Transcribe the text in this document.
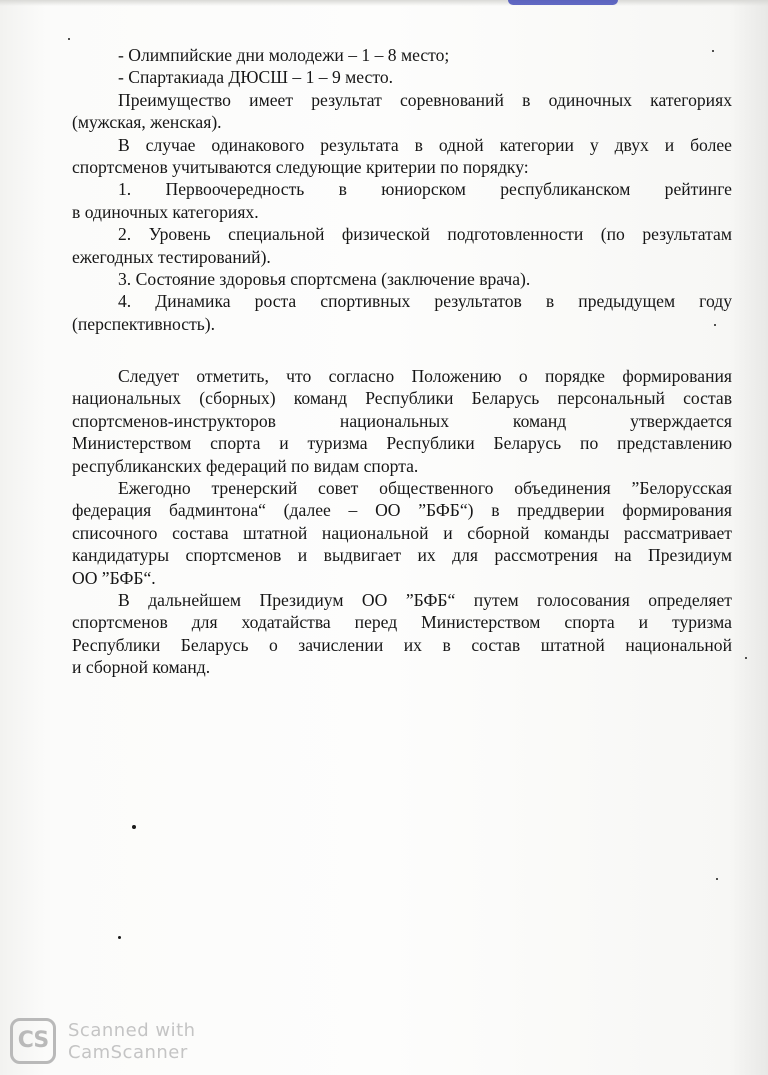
- Олимпийские дни молодежи – 1 – 8 место;
- Спартакиада ДЮСШ – 1 – 9 место.
Преимущество имеет результат соревнований в одиночных категориях
(мужская, женская).
В случае одинакового результата в одной категории у двух и более
спортсменов учитываются следующие критерии по порядку:
1. Первоочередность в юниорском республиканском рейтинге
в одиночных категориях.
2. Уровень специальной физической подготовленности (по результатам
ежегодных тестирований).
3. Состояние здоровья спортсмена (заключение врача).
4. Динамика роста спортивных результатов в предыдущем году
(перспективность).
Следует отметить, что согласно Положению о порядке формирования
национальных (сборных) команд Республики Беларусь персональный состав
спортсменов-инструкторов национальных команд утверждается
Министерством спорта и туризма Республики Беларусь по представлению
республиканских федераций по видам спорта.
Ежегодно тренерский совет общественного объединения ”Белорусская
федерация бадминтона“ (далее – ОО ”БФБ“) в преддверии формирования
списочного состава штатной национальной и сборной команды рассматривает
кандидатуры спортсменов и выдвигает их для рассмотрения на Президиум
ОО ”БФБ“.
В дальнейшем Президиум ОО ”БФБ“ путем голосования определяет
спортсменов для ходатайства перед Министерством спорта и туризма
Республики Беларусь о зачислении их в состав штатной национальной
и сборной команд.
CS	Scanned with
CamScanner
